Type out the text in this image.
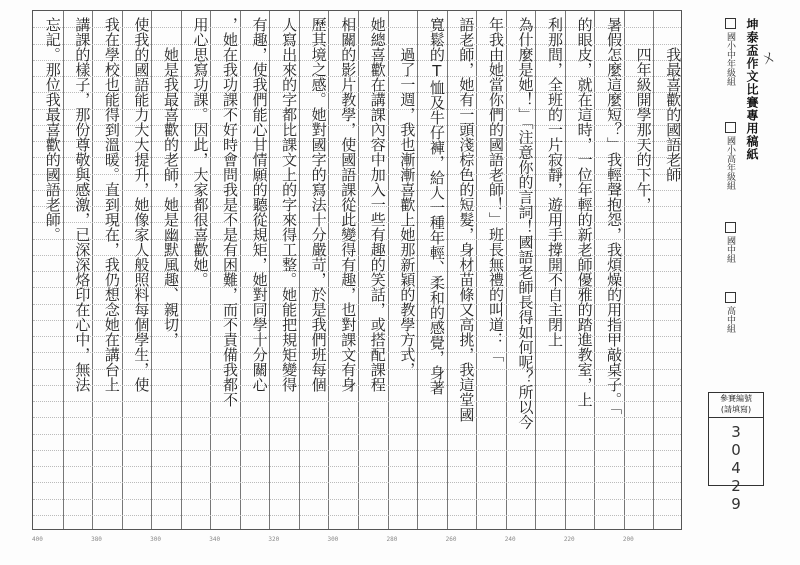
　　我最喜歡的國語老師
　　四年級開學那天的下午，
暑假怎麼這麼短？」我輕聲抱怨，我煩燥的用指甲敲桌子。「
的眼皮，就在這時，一位年輕的新老師優雅的踏進教室，上
利那間，全班的一片寂靜，遊用手撐開不自主閉上
為什麼是她！」「注意你的言詞！國語老師長得如何呢？所以今
年我由她當你們的國語老師！」班長無禮的叫道：「
語老師，她有一頭淺棕色的短髮，身材苗條又高挑，我這堂國
寬鬆的T恤及牛仔褲，給人一種年輕、柔和的感覺，身著
　　過了一週，我也漸漸喜歡上她那新穎的教學方式，
她總喜歡在講課內容中加入一些有趣的笑話，或搭配課程
相關的影片教學，使國語課從此變得有趣，也對課文有身
歷其境之感。她對國字的寫法十分嚴苛，於是我們班每個
人寫出來的字都比課文上的字來得工整。她能把規矩變得
有趣，使我們能心甘情願的聽從規矩，她對同學十分關心
，她在我功課不好時會問我是不是有困難，而不責備我都不
用心思寫功課。因此，大家都很喜歡她。
　　她是我最喜歡的老師，她是幽默風趣、親切，
使我的國語能力大大提升，她像家人般照料每個學生，使
我在學校也能得到溫暖。直到現在，我仍想念她在講台上
講課的樣子，那份尊敬與感激，已深深烙印在心中，無法
忘記。那位我最喜歡的國語老師。
400	380	300	340	320	300	280	260	240	220	200
坤泰盃作文比賽專用稿紙
國小中年級組
國小高年級組
國中組
高中組
ㄨ
參賽編號
(請填寫)
30429
